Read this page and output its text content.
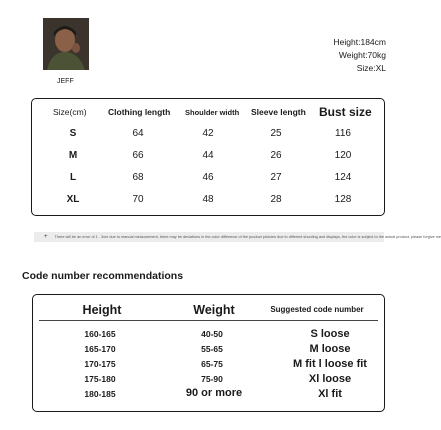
JEFF
Height:184cm
Weight:70kg
Size:XL
Size(cm)	Clothing length Shoulder width Sleeve length Bust size
S	64	42	25	116
M	66	44	26	120
L	68	46	27	124
XL	70	48	28	128
+ There will be an error of 1 - 3cm due to manual measurement, there may be deviations in the color difference of the product pictures due to different shooting and displays, the color is subject to the actual product, please forgive me
Code number recommendations
Height	Weight	Suggested code number
160-165	40-50	S loose
165-170	55-65	M loose
170-175	65-75	M fit l loose fit
175-180	75-90	Xl loose
180-185	90 or more	Xl fit
